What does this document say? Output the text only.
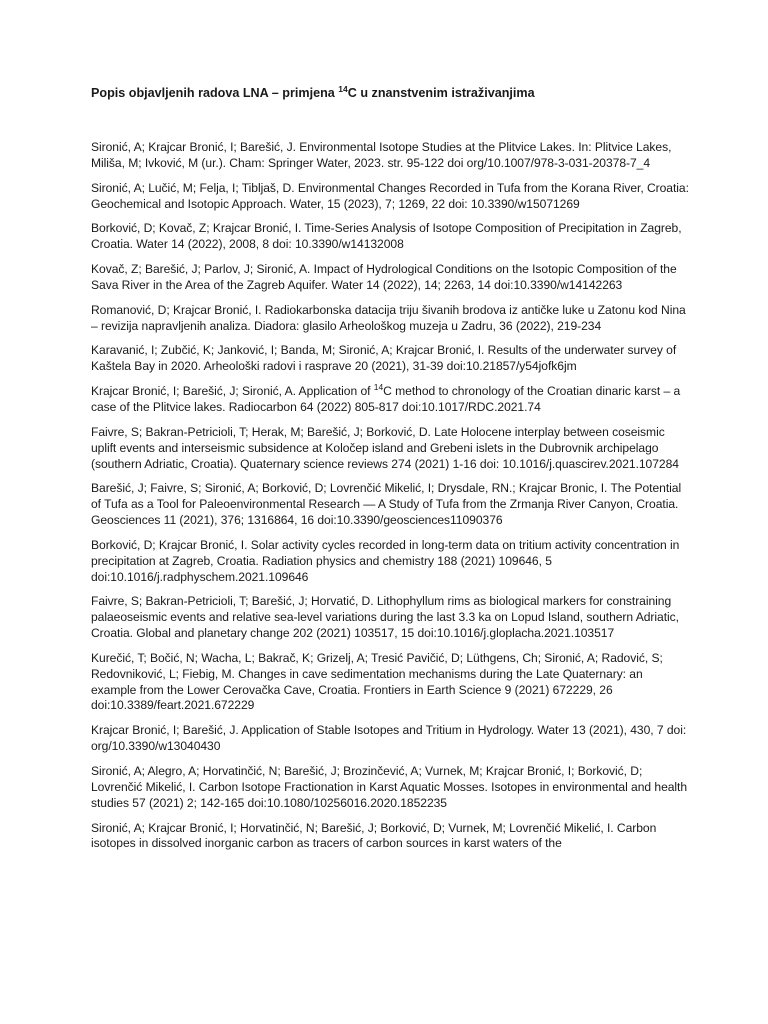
Popis objavljenih radova LNA – primjena $^{14}$C u znanstvenim istraživanjima

Sironić, A; Krajcar Bronić, I; Barešić, J. Environmental Isotope Studies at the Plitvice Lakes. In: Plitvice Lakes, Miliša, M; Ivković, M (ur.). Cham: Springer Water, 2023. str. 95-122 doi org/10.1007/978-3-031-20378-7_4

Sironić, A; Lučić, M; Felja, I; Tibljaš, D. Environmental Changes Recorded in Tufa from the Korana River, Croatia: Geochemical and Isotopic Approach. Water, 15 (2023), 7; 1269, 22 doi: 10.3390/w15071269

Borković, D; Kovač, Z; Krajcar Bronić, I. Time-Series Analysis of Isotope Composition of Precipitation in Zagreb, Croatia. Water 14 (2022), 2008, 8 doi: 10.3390/w14132008

Kovač, Z; Barešić, J; Parlov, J; Sironić, A. Impact of Hydrological Conditions on the Isotopic Composition of the Sava River in the Area of the Zagreb Aquifer. Water 14 (2022), 14; 2263, 14 doi:10.3390/w14142263

Romanović, D; Krajcar Bronić, I. Radiokarbonska datacija triju šivanih brodova iz antičke luke u Zatonu kod Nina – revizija napravljenih analiza. Diadora: glasilo Arheološkog muzeja u Zadru, 36 (2022), 219-234

Karavanić, I; Zubčić, K; Janković, I; Banda, M; Sironić, A; Krajcar Bronić, I. Results of the underwater survey of Kaštela Bay in 2020. Arheološki radovi i rasprave 20 (2021), 31-39 doi:10.21857/y54jofk6jm

Krajcar Bronić, I; Barešić, J; Sironić, A. Application of $^{14}$C method to chronology of the Croatian dinaric karst – a case of the Plitvice lakes. Radiocarbon 64 (2022) 805-817 doi:10.1017/RDC.2021.74

Faivre, S; Bakran-Petricioli, T; Herak, M; Barešić, J; Borković, D. Late Holocene interplay between coseismic uplift events and interseismic subsidence at Koločep island and Grebeni islets in the Dubrovnik archipelago (southern Adriatic, Croatia). Quaternary science reviews 274 (2021) 1-16 doi: 10.1016/j.quascirev.2021.107284

Barešić, J; Faivre, S; Sironić, A; Borković, D; Lovrenčić Mikelić, I; Drysdale, RN.; Krajcar Bronic, I. The Potential of Tufa as a Tool for Paleoenvironmental Research — A Study of Tufa from the Zrmanja River Canyon, Croatia. Geosciences 11 (2021), 376; 1316864, 16 doi:10.3390/geosciences11090376

Borković, D; Krajcar Bronić, I. Solar activity cycles recorded in long-term data on tritium activity concentration in precipitation at Zagreb, Croatia. Radiation physics and chemistry 188 (2021) 109646, 5 doi:10.1016/j.radphyschem.2021.109646

Faivre, S; Bakran-Petricioli, T; Barešić, J; Horvatić, D. Lithophyllum rims as biological markers for constraining palaeoseismic events and relative sea-level variations during the last 3.3 ka on Lopud Island, southern Adriatic, Croatia. Global and planetary change 202 (2021) 103517, 15 doi:10.1016/j.gloplacha.2021.103517

Kurečić, T; Bočić, N; Wacha, L; Bakrač, K; Grizelj, A; Tresić Pavičić, D; Lüthgens, Ch; Sironić, A; Radović, S; Redovniković, L; Fiebig, M. Changes in cave sedimentation mechanisms during the Late Quaternary: an example from the Lower Cerovačka Cave, Croatia. Frontiers in Earth Science 9 (2021) 672229, 26 doi:10.3389/feart.2021.672229

Krajcar Bronić, I; Barešić, J. Application of Stable Isotopes and Tritium in Hydrology. Water 13 (2021), 430, 7 doi: org/10.3390/w13040430

Sironić, A; Alegro, A; Horvatinčić, N; Barešić, J; Brozinčević, A; Vurnek, M; Krajcar Bronić, I; Borković, D; Lovrenčić Mikelić, I. Carbon Isotope Fractionation in Karst Aquatic Mosses. Isotopes in environmental and health studies 57 (2021) 2; 142-165 doi:10.1080/10256016.2020.1852235

Sironić, A; Krajcar Bronić, I; Horvatinčić, N; Barešić, J; Borković, D; Vurnek, M; Lovrenčić Mikelić, I. Carbon isotopes in dissolved inorganic carbon as tracers of carbon sources in karst waters of the
